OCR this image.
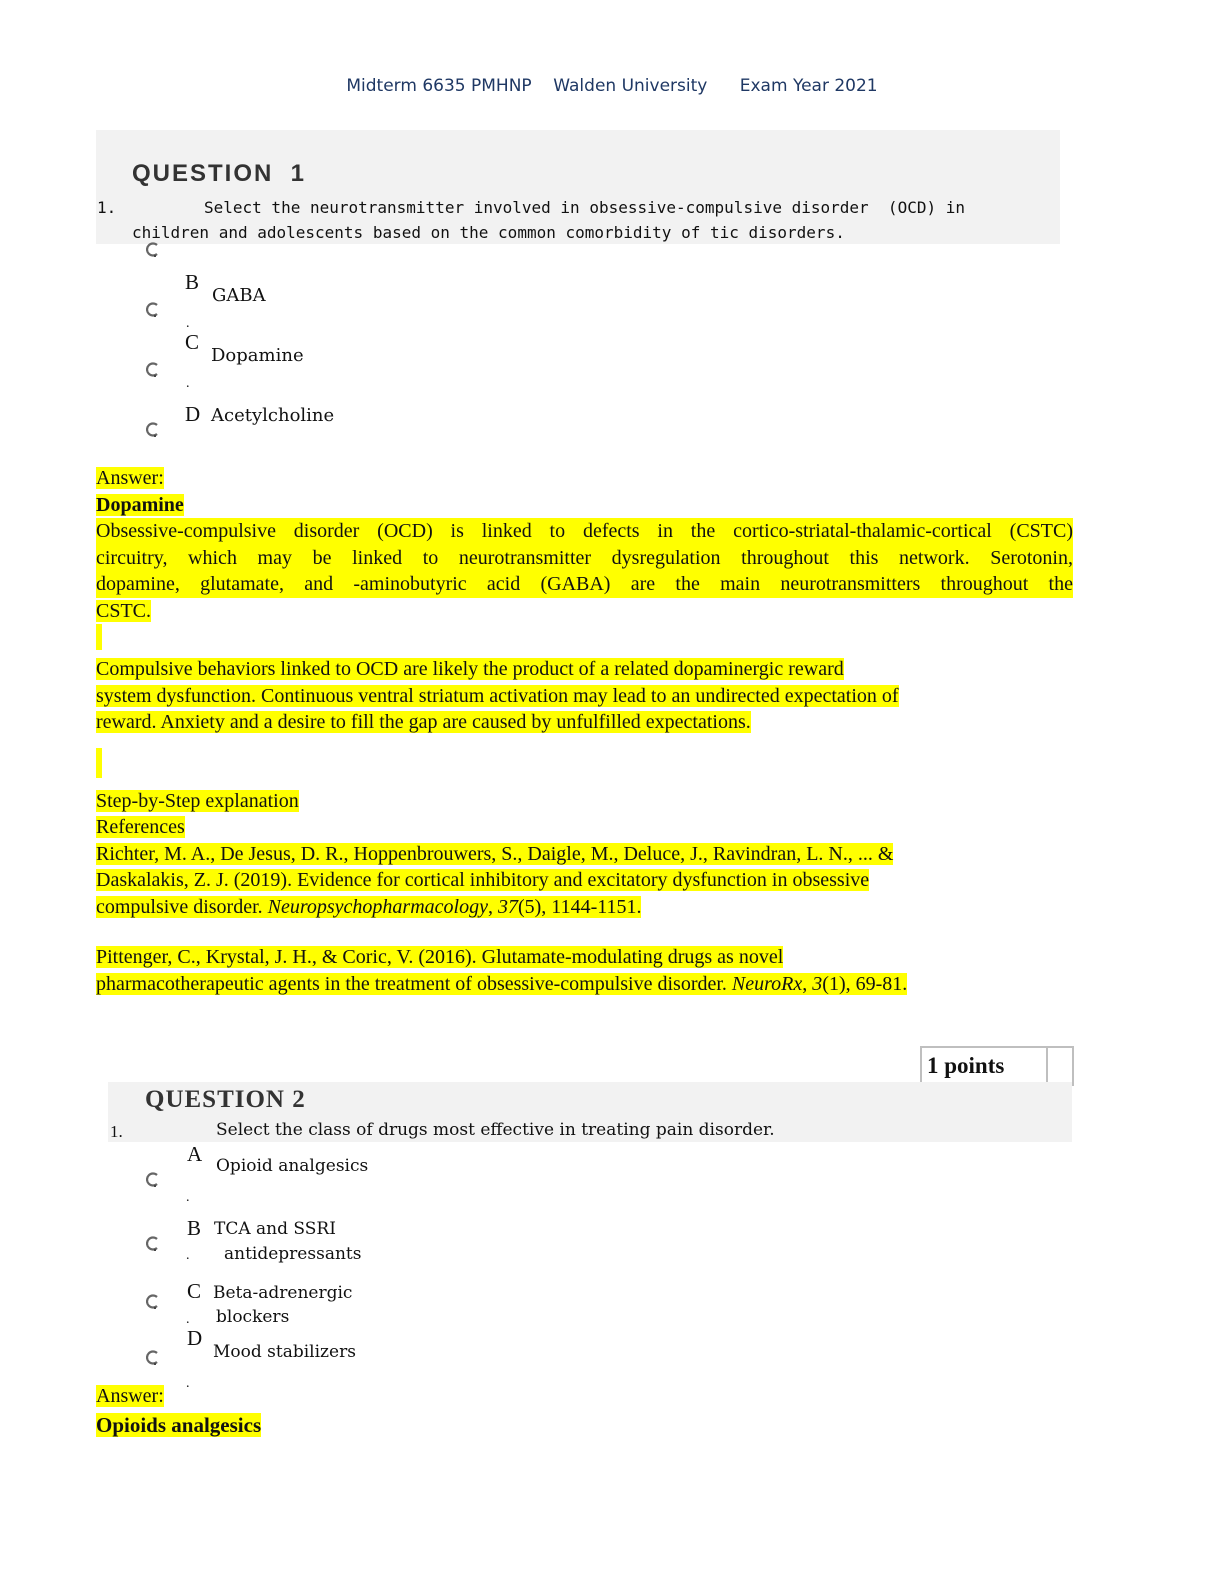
Midterm 6635 PMHNP    Walden University      Exam Year 2021
QUESTION  1
1.	Select the neurotransmitter involved in obsessive-compulsive disorder  (OCD) in
children and adolescents based on the common comorbidity of tic disorders.
B
GABA
.
C
Dopamine
.
D Acetylcholine
Answer:
Dopamine
Obsessive-compulsive disorder (OCD) is linked to defects in the cortico-striatal-thalamic-cortical (CSTC)
circuitry, which may be linked to neurotransmitter dysregulation throughout this network. Serotonin,
dopamine, glutamate, and -aminobutyric acid (GABA) are the main neurotransmitters throughout the
CSTC.
Compulsive behaviors linked to OCD are likely the product of a related dopaminergic reward
system dysfunction. Continuous ventral striatum activation may lead to an undirected expectation of
reward. Anxiety and a desire to fill the gap are caused by unfulfilled expectations.
Step-by-Step explanation
References
Richter, M. A., De Jesus, D. R., Hoppenbrouwers, S., Daigle, M., Deluce, J., Ravindran, L. N., ... &
Daskalakis, Z. J. (2019). Evidence for cortical inhibitory and excitatory dysfunction in obsessive
compulsive disorder. Neuropsychopharmacology, 37(5), 1144-1151.
Pittenger, C., Krystal, J. H., & Coric, V. (2016). Glutamate-modulating drugs as novel
pharmacotherapeutic agents in the treatment of obsessive-compulsive disorder. NeuroRx, 3(1), 69-81.
1 points
QUESTION 2
1.	Select the class of drugs most effective in treating pain disorder.
A Opioid analgesics
.
B TCA and SSRI
antidepressants
.
C Beta-adrenergic
blockers
.
D
Mood stabilizers
.
Answer:
Opioids analgesics
